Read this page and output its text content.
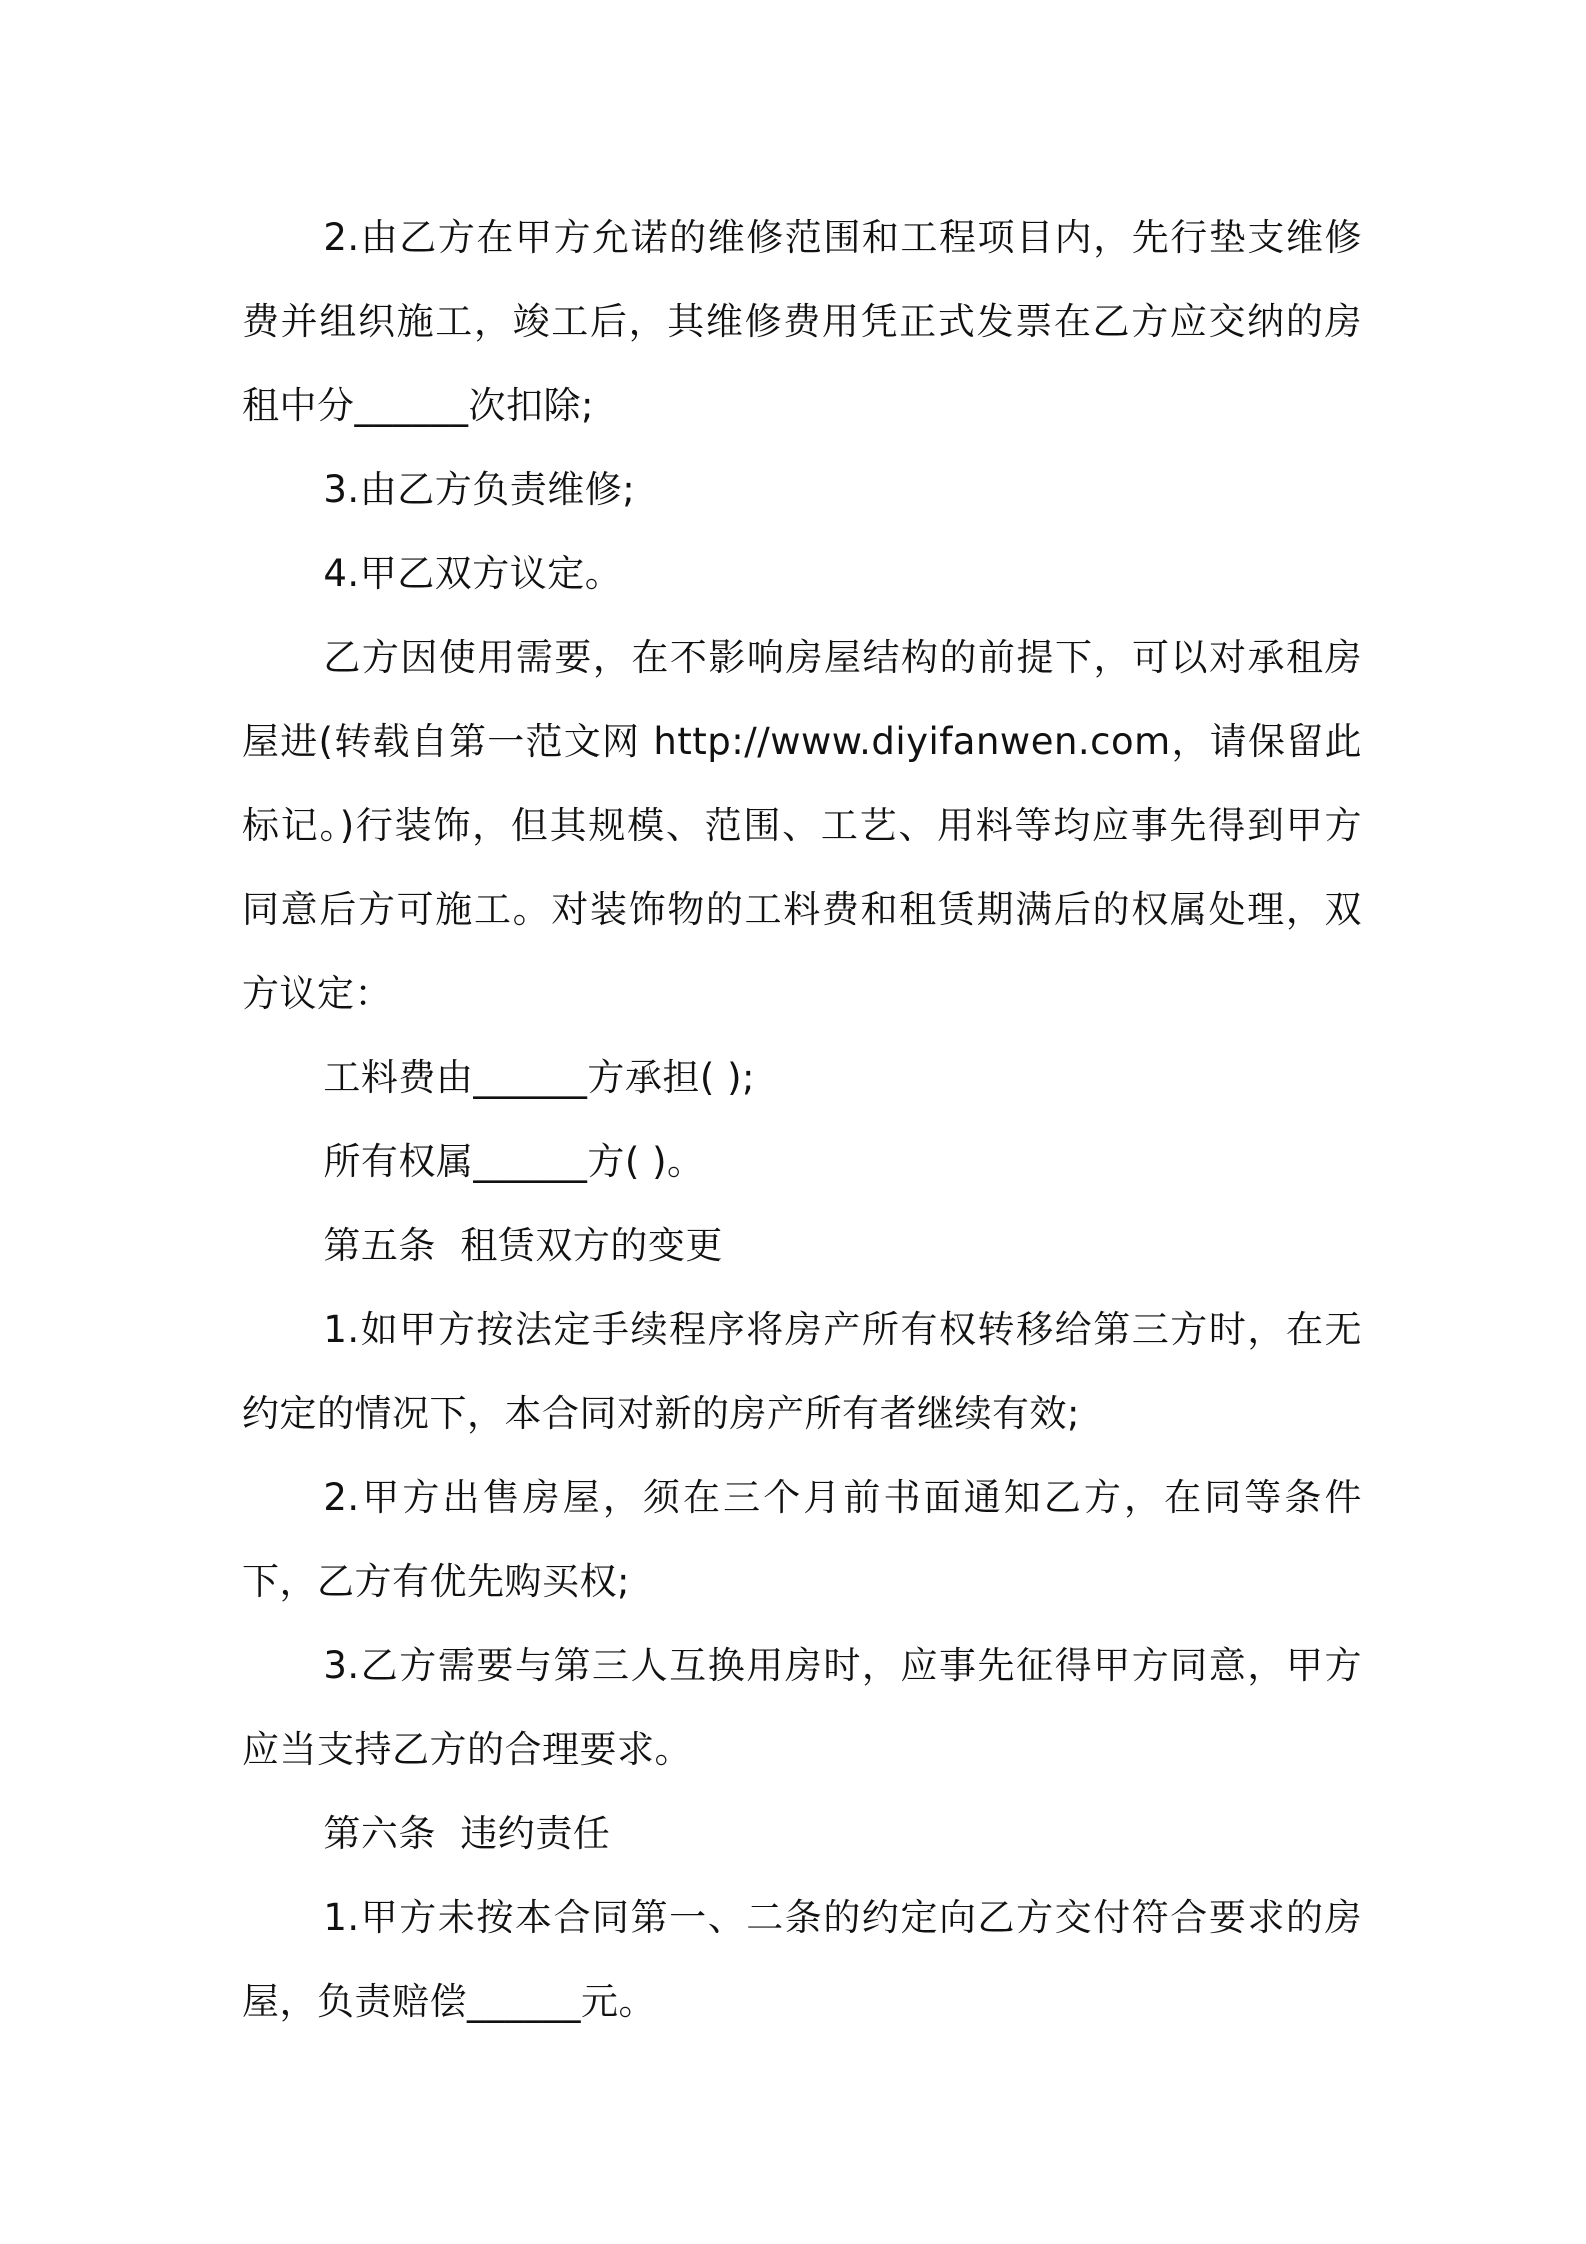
2.由乙方在甲方允诺的维修范围和工程项目内，先行垫支维修费并组织施工，竣工后，其维修费用凭正式发票在乙方应交纳的房租中分______次扣除;

3.由乙方负责维修;

4.甲乙双方议定。

乙方因使用需要，在不影响房屋结构的前提下，可以对承租房屋进(转载自第一范文网 http://www.diyifanwen.com，请保留此标记。)行装饰，但其规模、范围、工艺、用料等均应事先得到甲方同意后方可施工。对装饰物的工料费和租赁期满后的权属处理，双方议定：

工料费由______方承担( );

所有权属______方( )。

第五条  租赁双方的变更

1.如甲方按法定手续程序将房产所有权转移给第三方时，在无约定的情况下，本合同对新的房产所有者继续有效;

2.甲方出售房屋，须在三个月前书面通知乙方，在同等条件下，乙方有优先购买权;

3.乙方需要与第三人互换用房时，应事先征得甲方同意，甲方应当支持乙方的合理要求。

第六条  违约责任

1.甲方未按本合同第一、二条的约定向乙方交付符合要求的房屋，负责赔偿______元。
